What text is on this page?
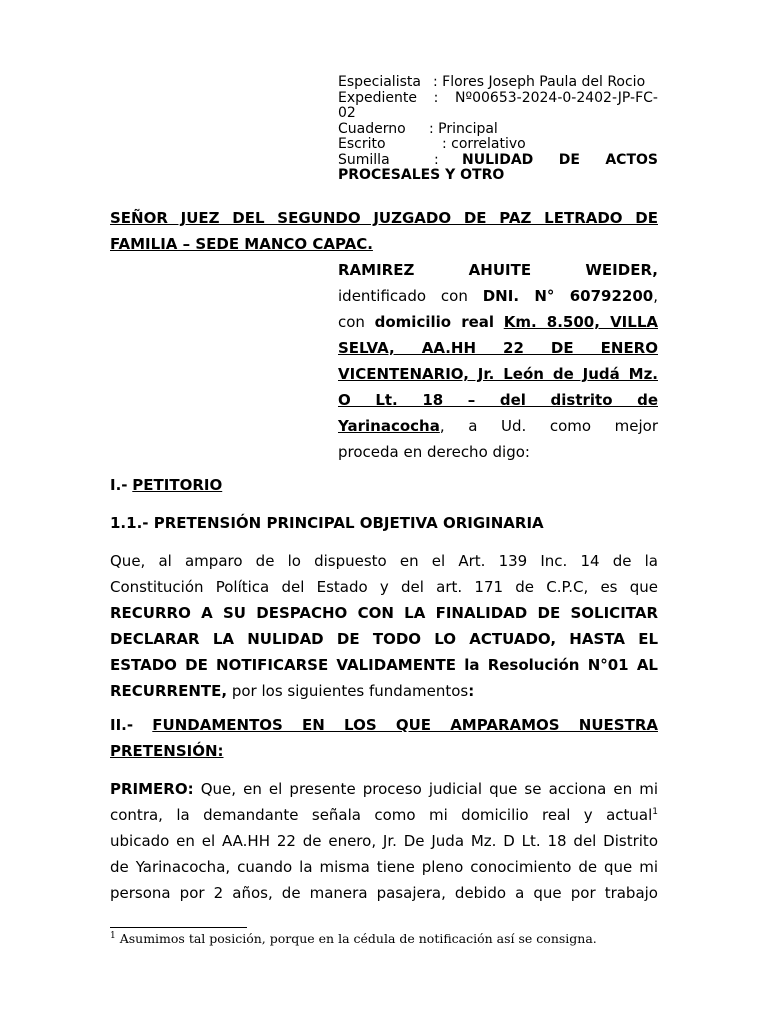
Especialista : Flores Joseph Paula del Rocio
Expediente : Nº00653-2024-0-2402-JP-FC-
02
Cuaderno	: Principal
Escrito	: correlativo
Sumilla	:	NULIDAD DE ACTOS
PROCESALES Y OTRO
SEÑOR JUEZ DEL SEGUNDO JUZGADO DE PAZ LETRADO DE
FAMILIA – SEDE MANCO CAPAC.
RAMIREZ AHUITE WEIDER,
identificado con DNI. N° 60792200,
con domicilio real Km. 8.500, VILLA
SELVA, AA.HH 22 DE ENERO
VICENTENARIO, Jr. León de Judá Mz.
O Lt. 18 – del distrito de
Yarinacocha, a Ud. como mejor
proceda en derecho digo:
I.- PETITORIO
1.1.- PRETENSIÓN PRINCIPAL OBJETIVA ORIGINARIA
Que, al amparo de lo dispuesto en el Art. 139 Inc. 14 de la
Constitución Política del Estado y del art. 171 de C.P.C, es que
RECURRO A SU DESPACHO CON LA FINALIDAD DE SOLICITAR
DECLARAR LA NULIDAD DE TODO LO ACTUADO, HASTA EL
ESTADO DE NOTIFICARSE VALIDAMENTE la Resolución N°01 AL
RECURRENTE, por los siguientes fundamentos:
II.- FUNDAMENTOS EN LOS QUE AMPARAMOS NUESTRA
PRETENSIÓN:
PRIMERO: Que, en el presente proceso judicial que se acciona en mi
contra, la demandante señala como mi domicilio real y actual$^1$
ubicado en el AA.HH 22 de enero, Jr. De Juda Mz. D Lt. 18 del Distrito
de Yarinacocha, cuando la misma tiene pleno conocimiento de que mi
persona por 2 años, de manera pasajera, debido a que por trabajo
$^1$ Asumimos tal posición, porque en la cédula de notificación así se consigna.
